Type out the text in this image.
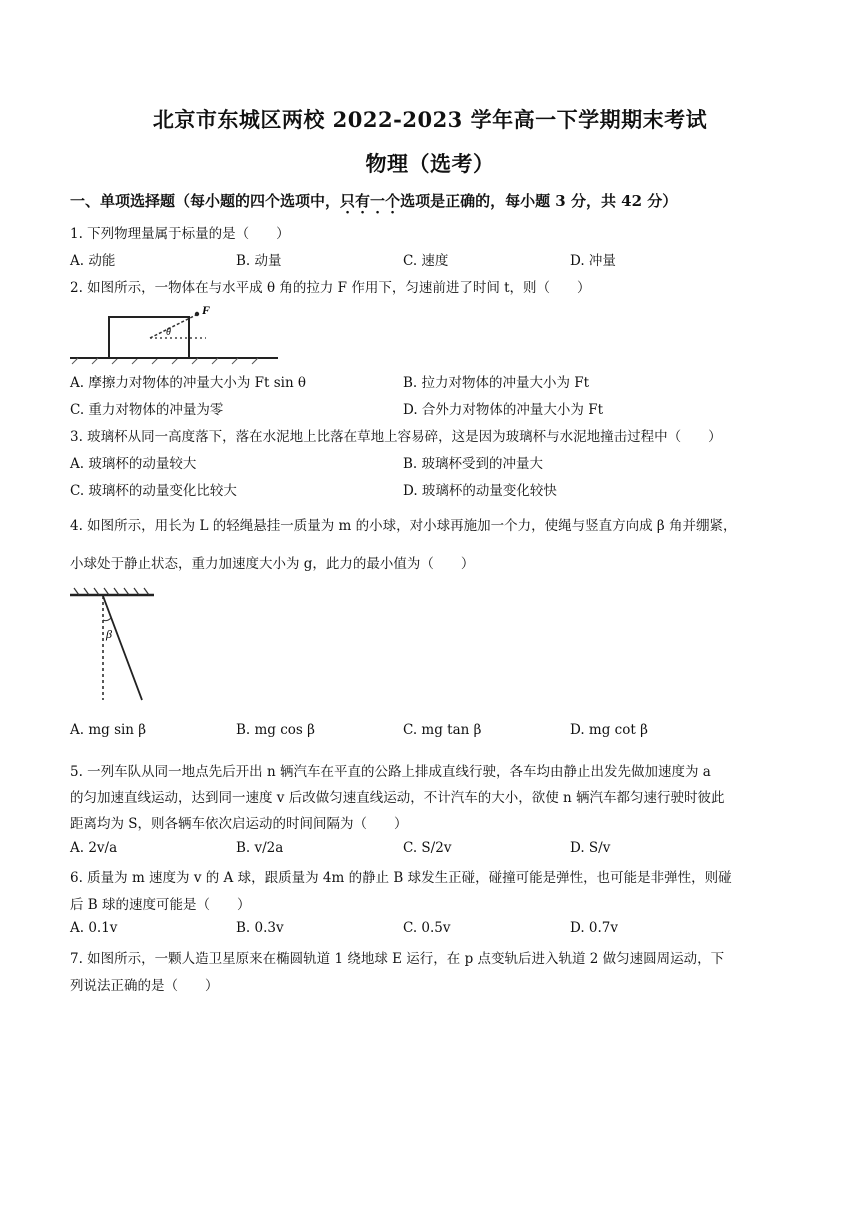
北京市东城区两校 2022-2023 学年高一下学期期末考试
物理（选考）
一、单项选择题（每小题的四个选项中，只有一个选项是正确的，每小题 3 分，共 42 分）
1. 下列物理量属于标量的是（　　）
A. 动能	B. 动量	C. 速度	D. 冲量
2. 如图所示，一物体在与水平成 θ 角的拉力 F 作用下，匀速前进了时间 t，则（　　）
F
θ
A. 摩擦力对物体的冲量大小为 Ft sin θ	B. 拉力对物体的冲量大小为 Ft
C. 重力对物体的冲量为零	D. 合外力对物体的冲量大小为 Ft
3. 玻璃杯从同一高度落下，落在水泥地上比落在草地上容易碎，这是因为玻璃杯与水泥地撞击过程中（　　）
A. 玻璃杯的动量较大	B. 玻璃杯受到的冲量大
C. 玻璃杯的动量变化比较大	D. 玻璃杯的动量变化较快
4. 如图所示，用长为 L 的轻绳悬挂一质量为 m 的小球，对小球再施加一个力，使绳与竖直方向成 β 角并绷紧，
小球处于静止状态，重力加速度大小为 g，此力的最小值为（　　）
β
A. mg sin β	B. mg cos β	C. mg tan β	D. mg cot β
5. 一列车队从同一地点先后开出 n 辆汽车在平直的公路上排成直线行驶，各车均由静止出发先做加速度为 a
的匀加速直线运动，达到同一速度 v 后改做匀速直线运动，不计汽车的大小，欲使 n 辆汽车都匀速行驶时彼此
距离均为 S，则各辆车依次启运动的时间间隔为（　　）
A. 2v/a	B. v/2a	C. S/2v	D. S/v
6. 质量为 m 速度为 v 的 A 球，跟质量为 4m 的静止 B 球发生正碰，碰撞可能是弹性，也可能是非弹性，则碰
后 B 球的速度可能是（　　）
A. 0.1v	B. 0.3v	C. 0.5v	D. 0.7v
7. 如图所示，一颗人造卫星原来在椭圆轨道 1 绕地球 E 运行，在 p 点变轨后进入轨道 2 做匀速圆周运动，下
列说法正确的是（　　）
